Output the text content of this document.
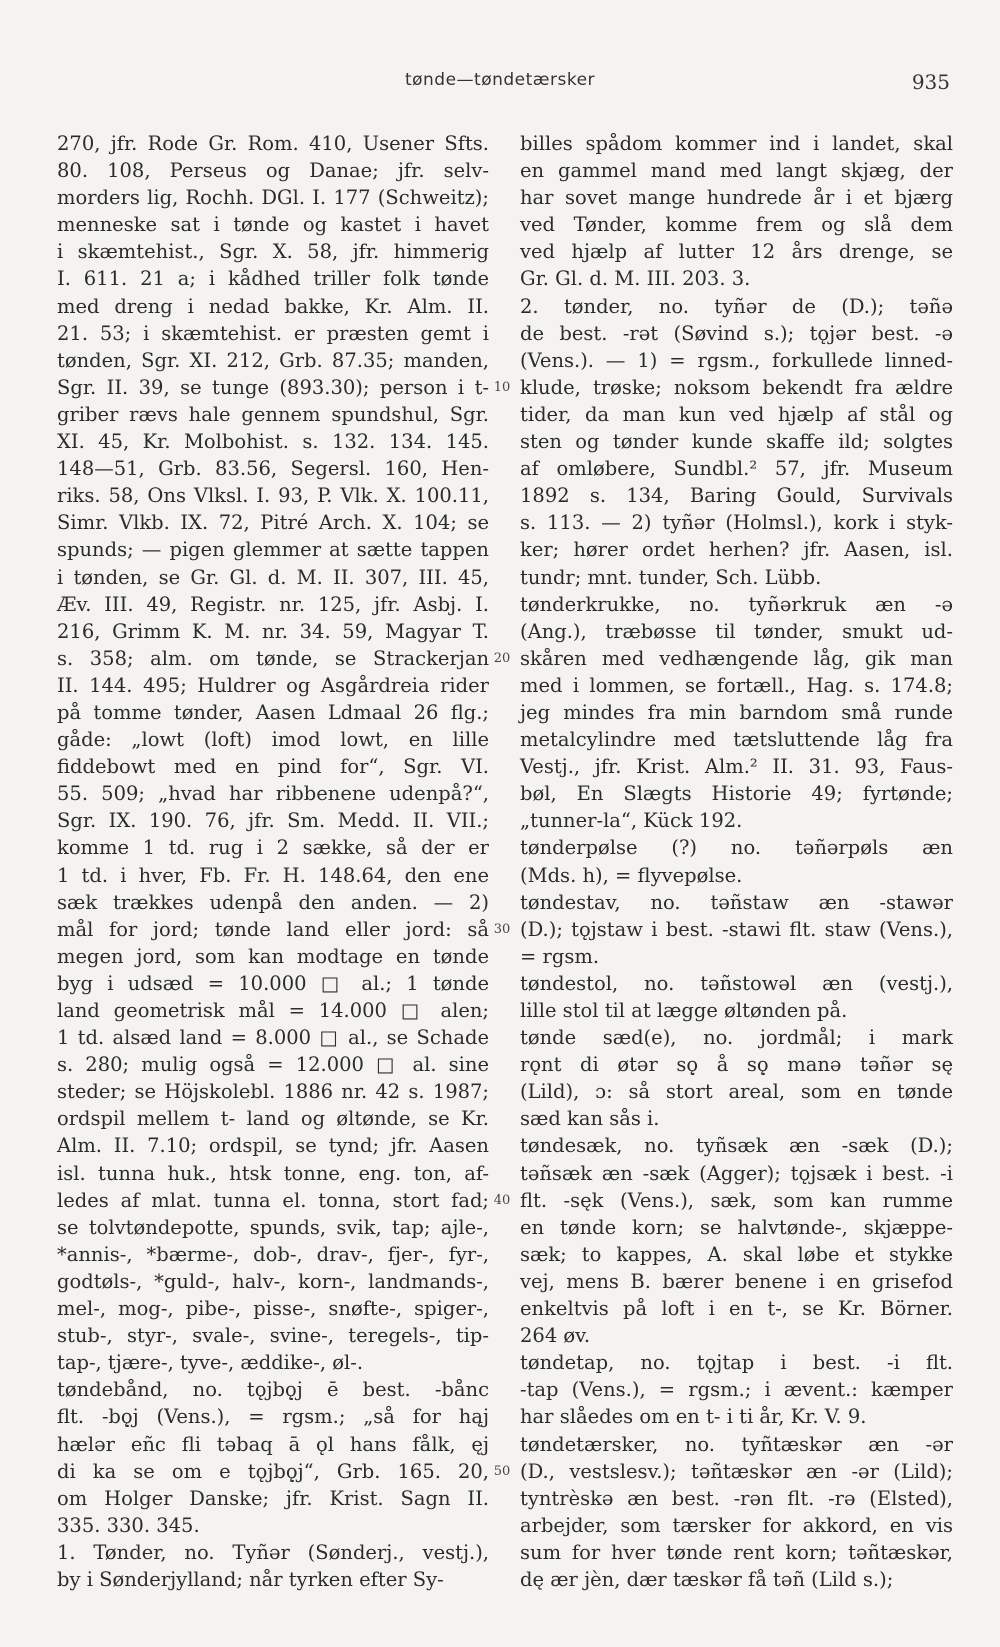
tønde—tøndetærsker	935
270, jfr. Rode Gr. Rom. 410, Usener Sfts.
80. 108, Perseus og Danae; jfr. selv-
morders lig, Rochh. DGl. I. 177 (Schweitz);
menneske sat i tønde og kastet i havet
i skæmtehist., Sgr. X. 58, jfr. himmerig
I. 611. 21 a; i kådhed triller folk tønde
med dreng i nedad bakke, Kr. Alm. II.
21. 53; i skæmtehist. er præsten gemt i
tønden, Sgr. XI. 212, Grb. 87.35; manden,
Sgr. II. 39, se tunge (893.30); person i t-
griber rævs hale gennem spundshul, Sgr.
XI. 45, Kr. Molbohist. s. 132. 134. 145.
148—51, Grb. 83.56, Segersl. 160, Hen-
riks. 58, Ons Vlksl. I. 93, P. Vlk. X. 100.11,
Simr. Vlkb. IX. 72, Pitré Arch. X. 104; se
spunds; — pigen glemmer at sætte tappen
i tønden, se Gr. Gl. d. M. II. 307, III. 45,
Æv. III. 49, Registr. nr. 125, jfr. Asbj. I.
216, Grimm K. M. nr. 34. 59, Magyar T.
s. 358; alm. om tønde, se Strackerjan
II. 144. 495; Huldrer og Asgårdreia rider
på tomme tønder, Aasen Ldmaal 26 flg.;
gåde: „lowt (loft) imod lowt, en lille
fiddebowt med en pind for“, Sgr. VI.
55. 509; „hvad har ribbenene udenpå?“,
Sgr. IX. 190. 76, jfr. Sm. Medd. II. VII.;
komme 1 td. rug i 2 sække, så der er
1 td. i hver, Fb. Fr. H. 148.64, den ene
sæk trækkes udenpå den anden. — 2)
mål for jord; tønde land eller jord: så
megen jord, som kan modtage en tønde
byg i udsæd = 10.000 □ al.; 1 tønde
land geometrisk mål = 14.000 □ alen;
1 td. alsæd land = 8.000 □ al., se Schade
s. 280; mulig også = 12.000 □ al. sine
steder; se Höjskolebl. 1886 nr. 42 s. 1987;
ordspil mellem t- land og øltønde, se Kr.
Alm. II. 7.10; ordspil, se tynd; jfr. Aasen
isl. tunna huk., htsk tonne, eng. ton, af-
ledes af mlat. tunna el. tonna, stort fad;
se tolvtøndepotte, spunds, svik, tap; ajle-,
*annis-, *bærme-, dob-, drav-, fjer-, fyr-,
godtøls-, *guld-, halv-, korn-, landmands-,
mel-, mog-, pibe-, pisse-, snøfte-, spiger-,
stub-, styr-, svale-, svine-, teregels-, tip-
tap-, tjære-, tyve-, æddike-, øl-.
tøndebånd, no. tǫjbǫ̣j ē best. -bånc
flt. -bǫ̣j (Vens.), = rgsm.; „så for hąj
hælər eñc fli təbaq ā ǫl hans fålk, ęj
di ka se om e tǫjbǫ̣j“, Grb. 165. 20,
om Holger Danske; jfr. Krist. Sagn II.
335. 330. 345.
1. Tønder, no. Tyñər (Sønderj., vestj.),
by i Sønderjylland; når tyrken efter Sy-
10
20
30
40
50
billes spådom kommer ind i landet, skal
en gammel mand med langt skjæg, der
har sovet mange hundrede år i et bjærg
ved Tønder, komme frem og slå dem
ved hjælp af lutter 12 års drenge, se
Gr. Gl. d. M. III. 203. 3.
2. tønder, no. tyñər de (D.); təñə
de best. -rət (Søvind s.); tǫjər best. -ə
(Vens.). — 1) = rgsm., forkullede linned-
klude, trøske; noksom bekendt fra ældre
tider, da man kun ved hjælp af stål og
sten og tønder kunde skaffe ild; solgtes
af omløbere, Sundbl.² 57, jfr. Museum
1892 s. 134, Baring Gould, Survivals
s. 113. — 2) tyñər (Holmsl.), kork i styk-
ker; hører ordet herhen? jfr. Aasen, isl.
tundr; mnt. tunder, Sch. Lübb.
tønderkrukke, no. tyñərkruk æn -ə
(Ang.), træbøsse til tønder, smukt ud-
skåren med vedhængende låg, gik man
med i lommen, se fortæll., Hag. s. 174.8;
jeg mindes fra min barndom små runde
metalcylindre med tætsluttende låg fra
Vestj., jfr. Krist. Alm.² II. 31. 93, Faus-
bøl, En Slægts Historie 49; fyrtønde;
„tunner-la“, Kück 192.
tønderpølse (?) no. təñərpøls æn
(Mds. h), = flyvepølse.
tøndestav, no. təñstaw æn -stawər
(D.); tǫjstaw i best. -stawi flt. staw (Vens.),
= rgsm.
tøndestol, no. təñstowəl æn (vestj.),
lille stol til at lægge øltønden på.
tønde sæd(e), no. jordmål; i mark
rǫnt di øtər sǫ̣ å sǫ̣ manə təñər sę
(Lild), ɔ: så stort areal, som en tønde
sæd kan sås i.
tøndesæk, no. tyñsæk æn -sæk (D.);
təñsæk æn -sæk (Agger); tǫjsæk i best. -i
flt. -sęk (Vens.), sæk, som kan rumme
en tønde korn; se halvtønde-, skjæppe-
sæk; to kappes, A. skal løbe et stykke
vej, mens B. bærer benene i en grisefod
enkeltvis på loft i en t-, se Kr. Börner.
264 øv.
tøndetap, no. tǫjtap i best. -i flt.
-tap (Vens.), = rgsm.; i ævent.: kæmper
har slåedes om en t- i ti år, Kr. V. 9.
tøndetærsker, no. tyñtæskər æn -ər
(D., vestslesv.); təñtæskər æn -ər (Lild);
tyntrèskə æn best. -rən flt. -rə (Elsted),
arbejder, som tærsker for akkord, en vis
sum for hver tønde rent korn; təñtæskər,
dę ær jèn, dær tæskər få təñ (Lild s.);
